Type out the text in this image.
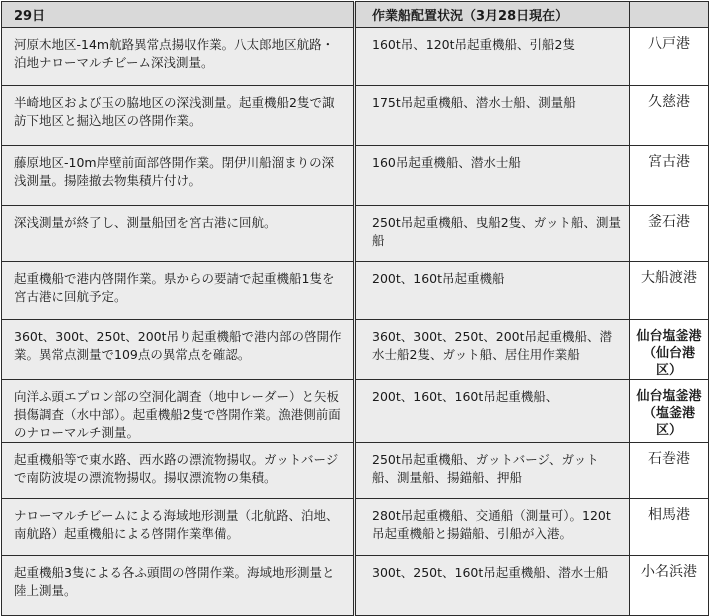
29日	作業船配置状況（3月28日現在）	
河原木地区-14m航路異常点揚収作業。八太郎地区航路・泊地ナローマルチビーム深浅測量。	160t吊、120t吊起重機船、引船2隻	八戸港
半崎地区および玉の脇地区の深浅測量。起重機船2隻で諏訪下地区と掘込地区の啓開作業。	175t吊起重機船、潜水士船、測量船	久慈港
藤原地区-10m岸壁前面部啓開作業。閉伊川船溜まりの深浅測量。揚陸撤去物集積片付け。	160吊起重機船、潜水士船	宮古港
深浅測量が終了し、測量船団を宮古港に回航。	250t吊起重機船、曳船2隻、ガット船、測量船	釜石港
起重機船で港内啓開作業。県からの要請で起重機船1隻を宮古港に回航予定。	200t、160t吊起重機船	大船渡港
360t、300t、250t、200t吊り起重機船で港内部の啓開作業。異常点測量で109点の異常点を確認。	360t、300t、250t、200t吊起重機船、潜水士船2隻、ガット船、居住用作業船	仙台塩釜港（仙台港区）
向洋ふ頭エプロン部の空洞化調査（地中レーダー）と矢板損傷調査（水中部）。起重機船2隻で啓開作業。漁港側前面のナローマルチ測量。	200t、160t、160t吊起重機船、	仙台塩釜港（塩釜港区）
起重機船等で東水路、西水路の漂流物揚収。ガットバージで南防波堤の漂流物揚収。揚収漂流物の集積。	250t吊起重機船、ガットバージ、ガット船、測量船、揚錨船、押船	石巻港
ナローマルチビームによる海域地形測量（北航路、泊地、南航路）起重機船による啓開作業準備。	280t吊起重機船、交通船（測量可）。120t吊起重機船と揚錨船、引船が入港。	相馬港
起重機船3隻による各ふ頭間の啓開作業。海域地形測量と陸上測量。	300t、250t、160t吊起重機船、潜水士船	小名浜港
